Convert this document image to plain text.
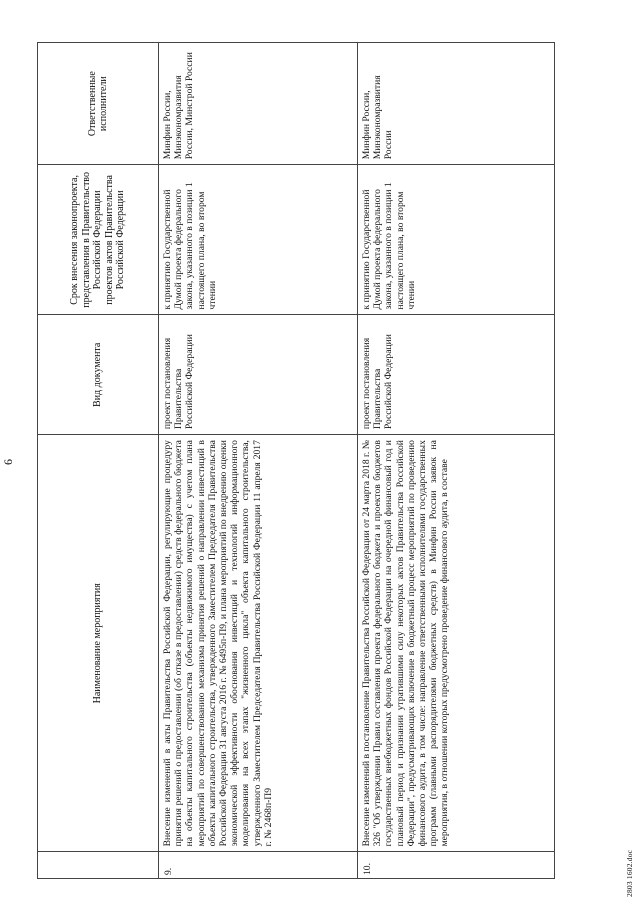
6
	Наименование мероприятия	Вид документа	Срок внесения законопроекта, представления в Правительство Российской Федерации проектов актов Правительства Российской Федерации	Ответственные исполнители
9.	Внесение изменений в акты Правительства Российской Федерации, регулирующие процедуру принятия решений о предоставлении (об отказе в предоставлении) средств федерального бюджета на объекты капитального строительства (объекты недвижимого имущества) с учетом плана мероприятий по совершенствованию механизма принятия решений о направлении инвестиций в объекты капитального строительства, утвержденного Заместителем Председателя Правительства Российской Федерации 31 августа 2016 г. № 6495п-П9, и плана мероприятий по внедрению оценки экономической эффективности обоснования инвестиций и технологий информационного моделирования на всех этапах "жизненного цикла" объекта капитального строительства, утвержденного Заместителем Председателя Правительства Российской Федерации 11 апреля 2017 г. № 2468п-П9	проект постановления Правительства Российской Федерации	к принятию Государственной Думой проекта федерального закона, указанного в позиции 1 настоящего плана, во втором чтении	Минфин России, Минэкономразвития России, Минстрой России
10.	Внесение изменений в постановление Правительства Российской Федерации от 24 марта 2018 г. № 326 "Об утверждении Правил составления проекта федерального бюджета и проектов бюджетов государственных внебюджетных фондов Российской Федерации на очередной финансовый год и плановый период и признании утратившими силу некоторых актов Правительства Российской Федерации", предусматривающих включение в бюджетный процесс мероприятий по проведению финансового аудита, в том числе: направление ответственными исполнителями государственных программ (главными распорядителями бюджетных средств) в Минфин России заявок на мероприятия, в отношении которых предусмотрено проведение финансового аудита, в составе	проект постановления Правительства Российской Федерации	к принятию Государственной Думой проекта федерального закона, указанного в позиции 1 настоящего плана, во втором чтении	Минфин России, Минэкономразвития России
2803 1602.doc
